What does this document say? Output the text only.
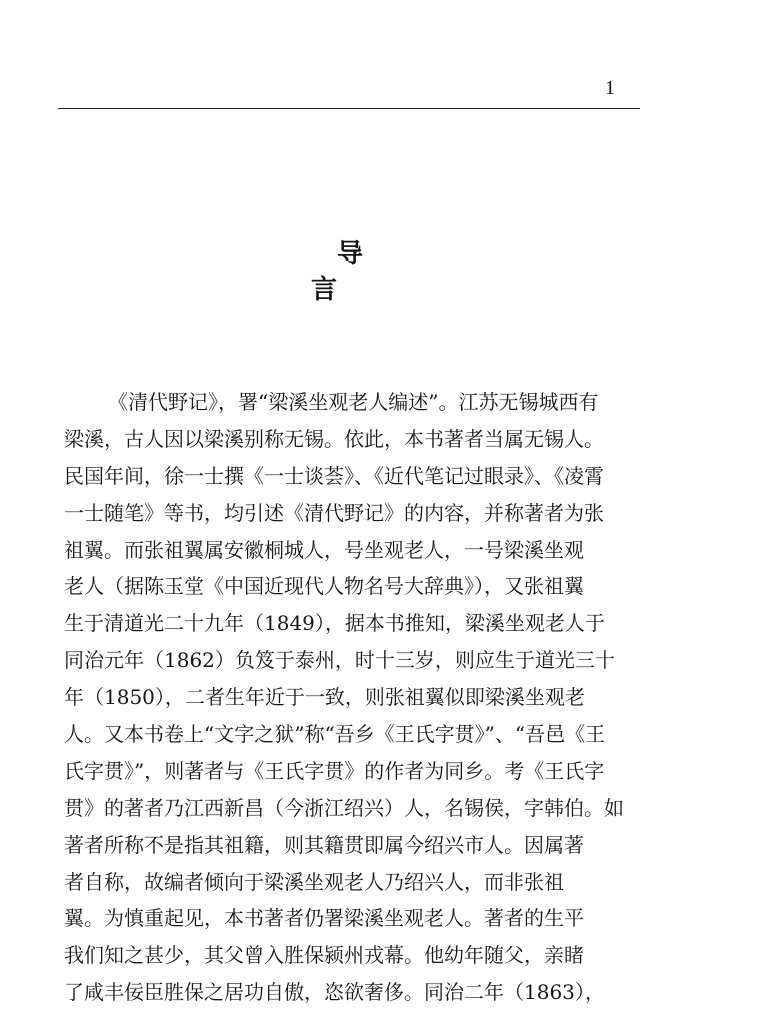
1
导 言
《清代野记》，署“梁溪坐观老人编述”。江苏无锡城西有
梁溪，古人因以梁溪别称无锡。依此，本书著者当属无锡人。
民国年间，徐一士撰《一士谈荟》、《近代笔记过眼录》、《凌霄
一士随笔》等书，均引述《清代野记》的内容，并称著者为张
祖翼。而张祖翼属安徽桐城人，号坐观老人，一号梁溪坐观
老人（据陈玉堂《中国近现代人物名号大辞典》），又张祖翼
生于清道光二十九年（1849），据本书推知，梁溪坐观老人于
同治元年（1862）负笈于泰州，时十三岁，则应生于道光三十
年（1850），二者生年近于一致，则张祖翼似即梁溪坐观老
人。又本书卷上“文字之狱”称“吾乡《王氏字贯》”、“吾邑《王
氏字贯》”，则著者与《王氏字贯》的作者为同乡。考《王氏字
贯》的著者乃江西新昌（今浙江绍兴）人，名锡侯，字韩伯。如
著者所称不是指其祖籍，则其籍贯即属今绍兴市人。因属著
者自称，故编者倾向于梁溪坐观老人乃绍兴人，而非张祖
翼。为慎重起见，本书著者仍署梁溪坐观老人。著者的生平
我们知之甚少，其父曾入胜保颍州戎幕。他幼年随父，亲睹
了咸丰佞臣胜保之居功自傲，恣欲奢侈。同治二年（1863），
